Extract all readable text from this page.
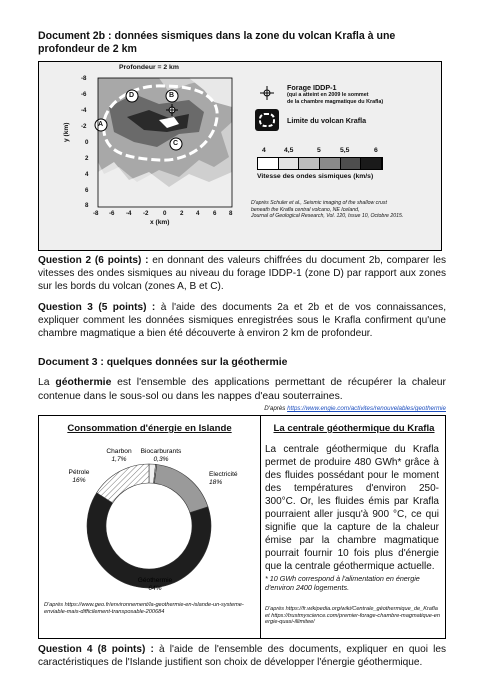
Document 2b : données sismiques dans la zone du volcan Krafla à une
profondeur de 2 km
Profondeur = 2 km
D	B
A
C
-8
-6
-4
-2
0
2
4
6
8
y (km)
-8 -6 -4 -2 0 2 4 6 8
x (km)
Forage IDDP-1
(qui a atteint en 2009 le sommet
de la chambre magmatique du Krafla)
Limite du volcan Krafla
4	4,5	5	5,5	6
Vitesse des ondes sismiques (km/s)
D'après Schuler et al., Seismic imaging of the shallow crust
beneath the Krafla central volcano, NE Iceland,
Journal of Geological Research, Vol. 120, Issue 10, Octobre 2015.

Question 2 (6 points) : en donnant des valeurs chiffrées du document 2b, comparer les vitesses des ondes sismiques au niveau du forage IDDP-1 (zone D) par rapport aux zones sur les bords du volcan (zones A, B et C).

Question 3 (5 points) : à l'aide des documents 2a et 2b et de vos connaissances, expliquer comment les données sismiques enregistrées sous le Krafla confirment qu'une chambre magmatique a bien été découverte à environ 2 km de profondeur.

Document 3 : quelques données sur la géothermie

La géothermie est l'ensemble des applications permettant de récupérer la chaleur contenue dans le sous-sol ou dans les nappes d'eau souterraines.

D'après https://www.engie.com/activites/renouvelables/geothermie
Consommation d'énergie en Islande
Charbon
1,7%
Biocarburants
0,3%
Electricité
18%
Géothermie
64%
Pétrole
16%
D'après https://www.geo.fr/environnement/la-geothermie-en-islande-un-systeme-enviable-mais-difficilement-transposable-200684
La centrale géothermique du Krafla

La centrale géothermique du Krafla permet de produire 480 GWh* grâce à des fluides possédant pour le moment des températures d'environ 250-300°C. Or, les fluides émis par Krafla pourraient aller jusqu'à 900 °C, ce qui signifie que la capture de la chaleur émise par la chambre magmatique pourrait fournir 10 fois plus d'énergie que la centrale géothermique actuelle.

* 10 GWh correspond à l'alimentation en énergie d'environ 2400 logements.

D'après https://fr.wikipedia.org/wiki/Centrale_géothermique_de_Krafla et https://trustmyscience.com/premier-forage-chambre-magmatique-energie-quasi-illimitee/

Question 4 (8 points) : à l'aide de l'ensemble des documents, expliquer en quoi les caractéristiques de l'Islande justifient son choix de développer l'énergie géothermique.
